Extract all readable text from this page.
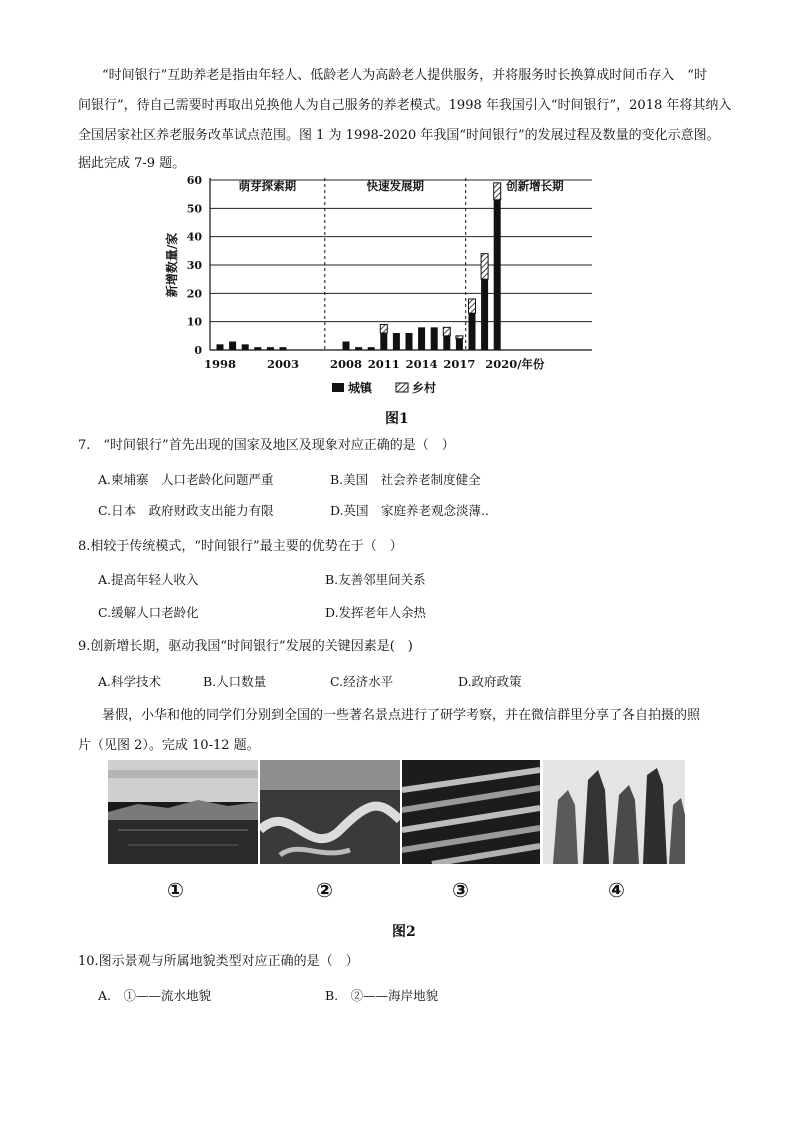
“时间银行”互助养老是指由年轻人、低龄老人为高龄老人提供服务，并将服务时长换算成时间币存入　“时
间银行”，待自己需要时再取出兑换他人为自己服务的养老模式。1998 年我国引入“时间银行”，2018 年将其纳入
全国居家社区养老服务改革试点范围。图 1 为 1998-2020 年我国“时间银行”的发展过程及数量的变化示意图。
据此完成 7-9 题。
0
10
20
30
40
50
60	萌芽探索期	快速发展期	创新增长期
1998	2003	2008 2011 2014 2017 2020/年份
新增数量/家
城镇	乡村
图1
7.　“时间银行”首先出现的国家及地区及现象对应正确的是（　）
A.柬埔寨　人口老龄化问题严重	B.美国　社会养老制度健全
C.日本　政府财政支出能力有限	D.英国　家庭养老观念淡薄..
8.相较于传统模式，“时间银行”最主要的优势在于（　）
A.提高年轻人收入	B.友善邻里间关系
C.缓解人口老龄化	D.发挥老年人余热
9.创新增长期，驱动我国“时间银行”发展的关键因素是(　)
A.科学技术	B.人口数量	C.经济水平	D.政府政策
暑假，小华和他的同学们分别到全国的一些著名景点进行了研学考察，并在微信群里分享了各自拍摄的照
片（见图 2）。完成 10-12 题。
①	②	③	④
图2
10.图示景观与所属地貌类型对应正确的是（　）
A.　①——流水地貌	B.　②——海岸地貌
